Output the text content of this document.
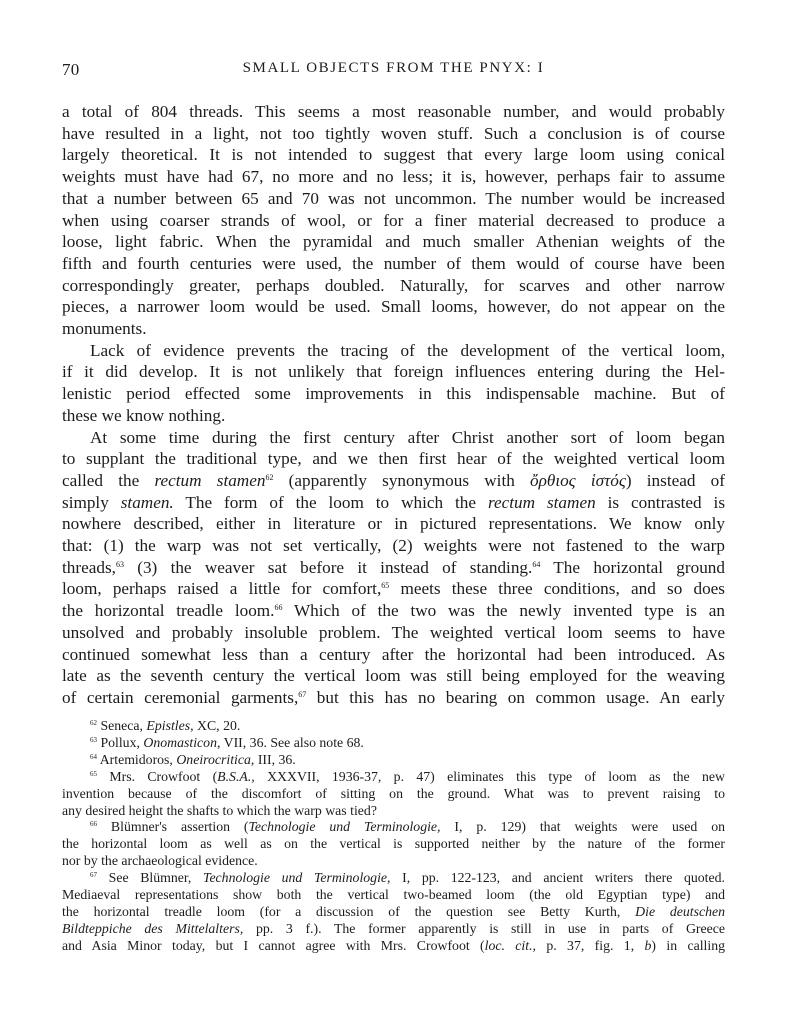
70	SMALL OBJECTS FROM THE PNYX: I

a total of 804 threads. This seems a most reasonable number, and would probably
have resulted in a light, not too tightly woven stuff. Such a conclusion is of course
largely theoretical. It is not intended to suggest that every large loom using conical
weights must have had 67, no more and no less; it is, however, perhaps fair to assume
that a number between 65 and 70 was not uncommon. The number would be increased
when using coarser strands of wool, or for a finer material decreased to produce a
loose, light fabric. When the pyramidal and much smaller Athenian weights of the
fifth and fourth centuries were used, the number of them would of course have been
correspondingly greater, perhaps doubled. Naturally, for scarves and other narrow
pieces, a narrower loom would be used. Small looms, however, do not appear on the
monuments.

Lack of evidence prevents the tracing of the development of the vertical loom,
if it did develop. It is not unlikely that foreign influences entering during the Hel-
lenistic period effected some improvements in this indispensable machine. But of
these we know nothing.

At some time during the first century after Christ another sort of loom began
to supplant the traditional type, and we then first hear of the weighted vertical loom
called the rectum stamen$^{62}$ (apparently synonymous with ὄρθιος ἱστός) instead of
simply stamen. The form of the loom to which the rectum stamen is contrasted is
nowhere described, either in literature or in pictured representations. We know only
that: (1) the warp was not set vertically, (2) weights were not fastened to the warp
threads,$^{63}$ (3) the weaver sat before it instead of standing.$^{64}$ The horizontal ground
loom, perhaps raised a little for comfort,$^{65}$ meets these three conditions, and so does
the horizontal treadle loom.$^{66}$ Which of the two was the newly invented type is an
unsolved and probably insoluble problem. The weighted vertical loom seems to have
continued somewhat less than a century after the horizontal had been introduced. As
late as the seventh century the vertical loom was still being employed for the weaving
of certain ceremonial garments,$^{67}$ but this has no bearing on common usage. An early

$^{62}$ Seneca, Epistles, XC, 20.
$^{63}$ Pollux, Onomasticon, VII, 36. See also note 68.
$^{64}$ Artemidoros, Oneirocritica, III, 36.
$^{65}$ Mrs. Crowfoot (B.S.A., XXXVII, 1936-37, p. 47) eliminates this type of loom as the new
invention because of the discomfort of sitting on the ground. What was to prevent raising to
any desired height the shafts to which the warp was tied?
$^{66}$ Blümner's assertion (Technologie und Terminologie, I, p. 129) that weights were used on
the horizontal loom as well as on the vertical is supported neither by the nature of the former
nor by the archaeological evidence.
$^{67}$ See Blümner, Technologie und Terminologie, I, pp. 122-123, and ancient writers there quoted.
Mediaeval representations show both the vertical two-beamed loom (the old Egyptian type) and
the horizontal treadle loom (for a discussion of the question see Betty Kurth, Die deutschen
Bildteppiche des Mittelalters, pp. 3 f.). The former apparently is still in use in parts of Greece
and Asia Minor today, but I cannot agree with Mrs. Crowfoot (loc. cit., p. 37, fig. 1, b) in calling
